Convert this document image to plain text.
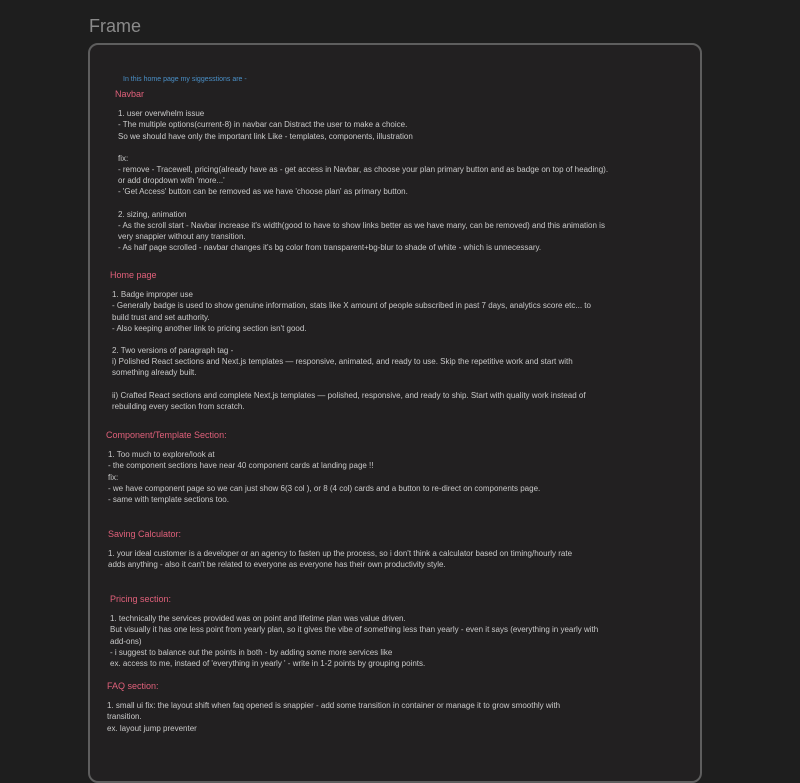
Frame
In this home page my siggesstions are -
Navbar
1. user overwhelm issue
- The multiple options(current-8) in navbar can Distract the user to make a choice.
So we should have only the important link Like - templates, components, illustration
fix:
- remove - Tracewell, pricing(already have as - get access in Navbar, as choose your plan primary button and as badge on top of heading).
or add dropdown with 'more...'
- 'Get Access' button can be removed as we have 'choose plan' as primary button.
2. sizing, animation
- As the scroll start - Navbar increase it's width(good to have to show links better as we have many, can be removed) and this animation is
very snappier without any transition.
- As half page scrolled - navbar changes it's bg color from transparent+bg-blur to shade of white - which is unnecessary.
Home page
1. Badge improper use
- Generally badge is used to show genuine information, stats like X amount of people subscribed in past 7 days, analytics score etc... to
build trust and set authority.
- Also keeping another link to pricing section isn't good.
2. Two versions of paragraph tag -
i) Polished React sections and Next.js templates — responsive, animated, and ready to use. Skip the repetitive work and start with
something already built.
ii) Crafted React sections and complete Next.js templates — polished, responsive, and ready to ship. Start with quality work instead of
rebuilding every section from scratch.
Component/Template Section:
1. Too much to explore/look at
- the component sections have near 40 component cards at landing page !!
fix:
- we have component page so we can just show 6(3 col ), or 8 (4 col) cards and a button to re-direct on components page.
- same with template sections too.
Saving Calculator:
1. your ideal customer is a developer or an agency to fasten up the process, so i don't think a calculator based on timing/hourly rate
adds anything - also it can't be related to everyone as everyone has their own productivity style.
Pricing section:
1. technically the services provided was on point and lifetime plan was value driven.
But visually it has one less point from yearly plan, so it gives the vibe of something less than yearly - even it says (everything in yearly with
add-ons)
- i suggest to balance out the points in both - by adding some more services like
ex. access to me, instaed of 'everything in yearly ' - write in 1-2 points by grouping points.
FAQ section:
1. small ui fix: the layout shift when faq opened is snappier - add some transition in container or manage it to grow smoothly with
transition.
ex. layout jump preventer
